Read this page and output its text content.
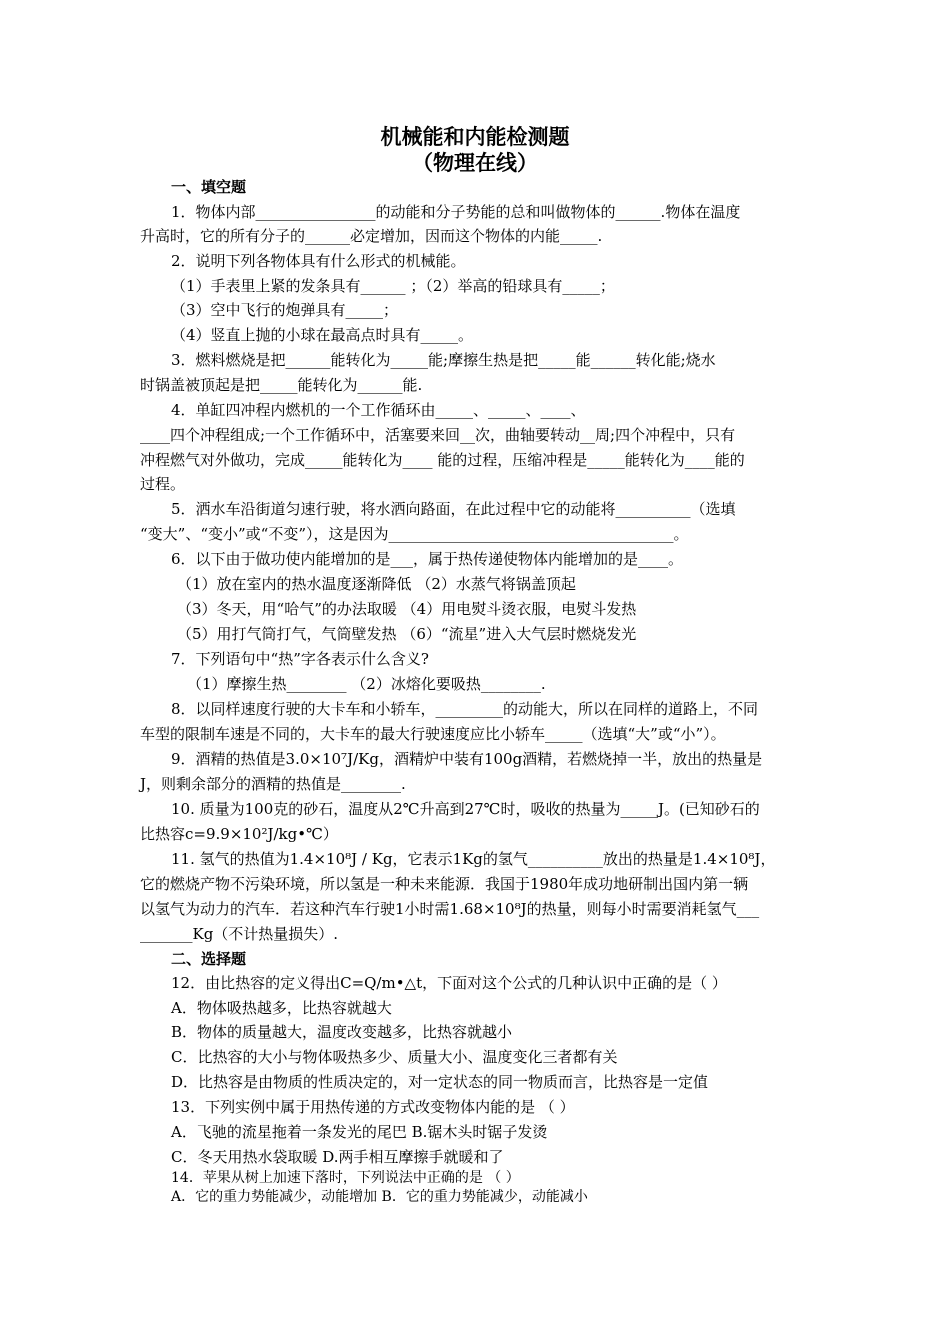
机械能和内能检测题
（物理在线）
一、填空题
1．物体内部________________的动能和分子势能的总和叫做物体的______.物体在温度
升高时，它的所有分子的______必定增加，因而这个物体的内能_____.
2．说明下列各物体具有什么形式的机械能。
（1）手表里上紧的发条具有______ ；（2）举高的铅球具有_____；
（3）空中飞行的炮弹具有_____；
（4）竖直上抛的小球在最高点时具有_____。
3．燃料燃烧是把______能转化为_____能;摩擦生热是把_____能______转化能;烧水
时锅盖被顶起是把_____能转化为______能.
4．单缸四冲程内燃机的一个工作循环由_____、_____、____、
____四个冲程组成;一个工作循环中，活塞要来回__次，曲轴要转动__周;四个冲程中，只有
冲程燃气对外做功，完成_____能转化为____ 能的过程，压缩冲程是_____能转化为____能的
过程。
5．洒水车沿街道匀速行驶，将水洒向路面，在此过程中它的动能将__________（选填
“变大”、“变小”或“不变”），这是因为______________________________________。
6．以下由于做功使内能增加的是___，属于热传递使物体内能增加的是____。
（1）放在室内的热水温度逐渐降低 （2）水蒸气将锅盖顶起
（3）冬天，用“哈气”的办法取暖 （4）用电熨斗烫衣服，电熨斗发热
（5）用打气筒打气，气筒壁发热 （6）“流星”进入大气层时燃烧发光
7．下列语句中“热”字各表示什么含义?
（1）摩擦生热________ （2）冰熔化要吸热________.
8．以同样速度行驶的大卡车和小轿车，_________的动能大，所以在同样的道路上，不同
车型的限制车速是不同的，大卡车的最大行驶速度应比小轿车_____（选填“大”或“小”）。
9．酒精的热值是3.0×10⁷J/Kg，酒精炉中装有100g酒精，若燃烧掉一半，放出的热量是
J，则剩余部分的酒精的热值是________.
10. 质量为100克的砂石，温度从2℃升高到27℃时，吸收的热量为_____J。(已知砂石的
比热容c=9.9×10²J/kg•℃）
11. 氢气的热值为1.4×10⁸J / Kg，它表示1Kg的氢气__________放出的热量是1.4×10⁸J，
它的燃烧产物不污染环境，所以氢是一种未来能源．我国于1980年成功地研制出国内第一辆
以氢气为动力的汽车．若这种汽车行驶1小时需1.68×10⁸J的热量，则每小时需要消耗氢气___
_______Kg（不计热量损失）.
二、选择题
12．由比热容的定义得出C=Q/m•△t，下面对这个公式的几种认识中正确的是（ ）
A．物体吸热越多，比热容就越大
B．物体的质量越大，温度改变越多，比热容就越小
C．比热容的大小与物体吸热多少、质量大小、温度变化三者都有关
D．比热容是由物质的性质决定的，对一定状态的同一物质而言，比热容是一定值
13．下列实例中属于用热传递的方式改变物体内能的是 （ ）
A．飞驰的流星拖着一条发光的尾巴 B.锯木头时锯子发烫
C．冬天用热水袋取暖 D.两手相互摩擦手就暖和了
14．苹果从树上加速下落时，下列说法中正确的是 （ ）
A．它的重力势能减少，动能增加 B．它的重力势能减少，动能减小
